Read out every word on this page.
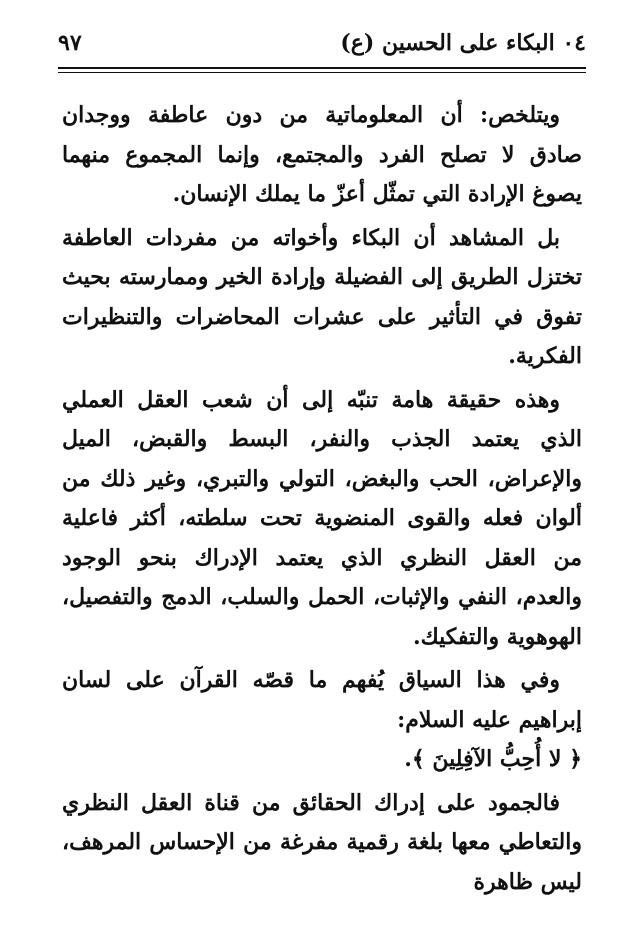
٠٤ البكاء على الحسين (ع)
٩٧

ويتلخص: أن المعلوماتية من دون عاطفة ووجدان صادق لا تصلح الفرد والمجتمع، وإنما المجموع منهما يصوغ الإرادة التي تمثّل أعزّ ما يملك الإنسان.

بل المشاهد أن البكاء وأخواته من مفردات العاطفة تختزل الطريق إلى الفضيلة وإرادة الخير وممارسته بحيث تفوق في التأثير على عشرات المحاضرات والتنظيرات الفكرية.

وهذه حقيقة هامة تنبّه إلى أن شعب العقل العملي الذي يعتمد الجذب والنفر، البسط والقبض، الميل والإعراض، الحب والبغض، التولي والتبري، وغير ذلك من ألوان فعله والقوى المنضوية تحت سلطته، أكثر فاعلية من العقل النظري الذي يعتمد الإدراك بنحو الوجود والعدم، النفي والإثبات، الحمل والسلب، الدمج والتفصيل، الهوهوية والتفكيك.

وفي هذا السياق يُفهم ما قصّه القرآن على لسان إبراهيم عليه السلام:

﴿ لا أُحِبُّ الآفِلِينَ ﴾.

فالجمود على إدراك الحقائق من قناة العقل النظري والتعاطي معها بلغة رقمية مفرغة من الإحساس المرهف، ليس ظاهرة
